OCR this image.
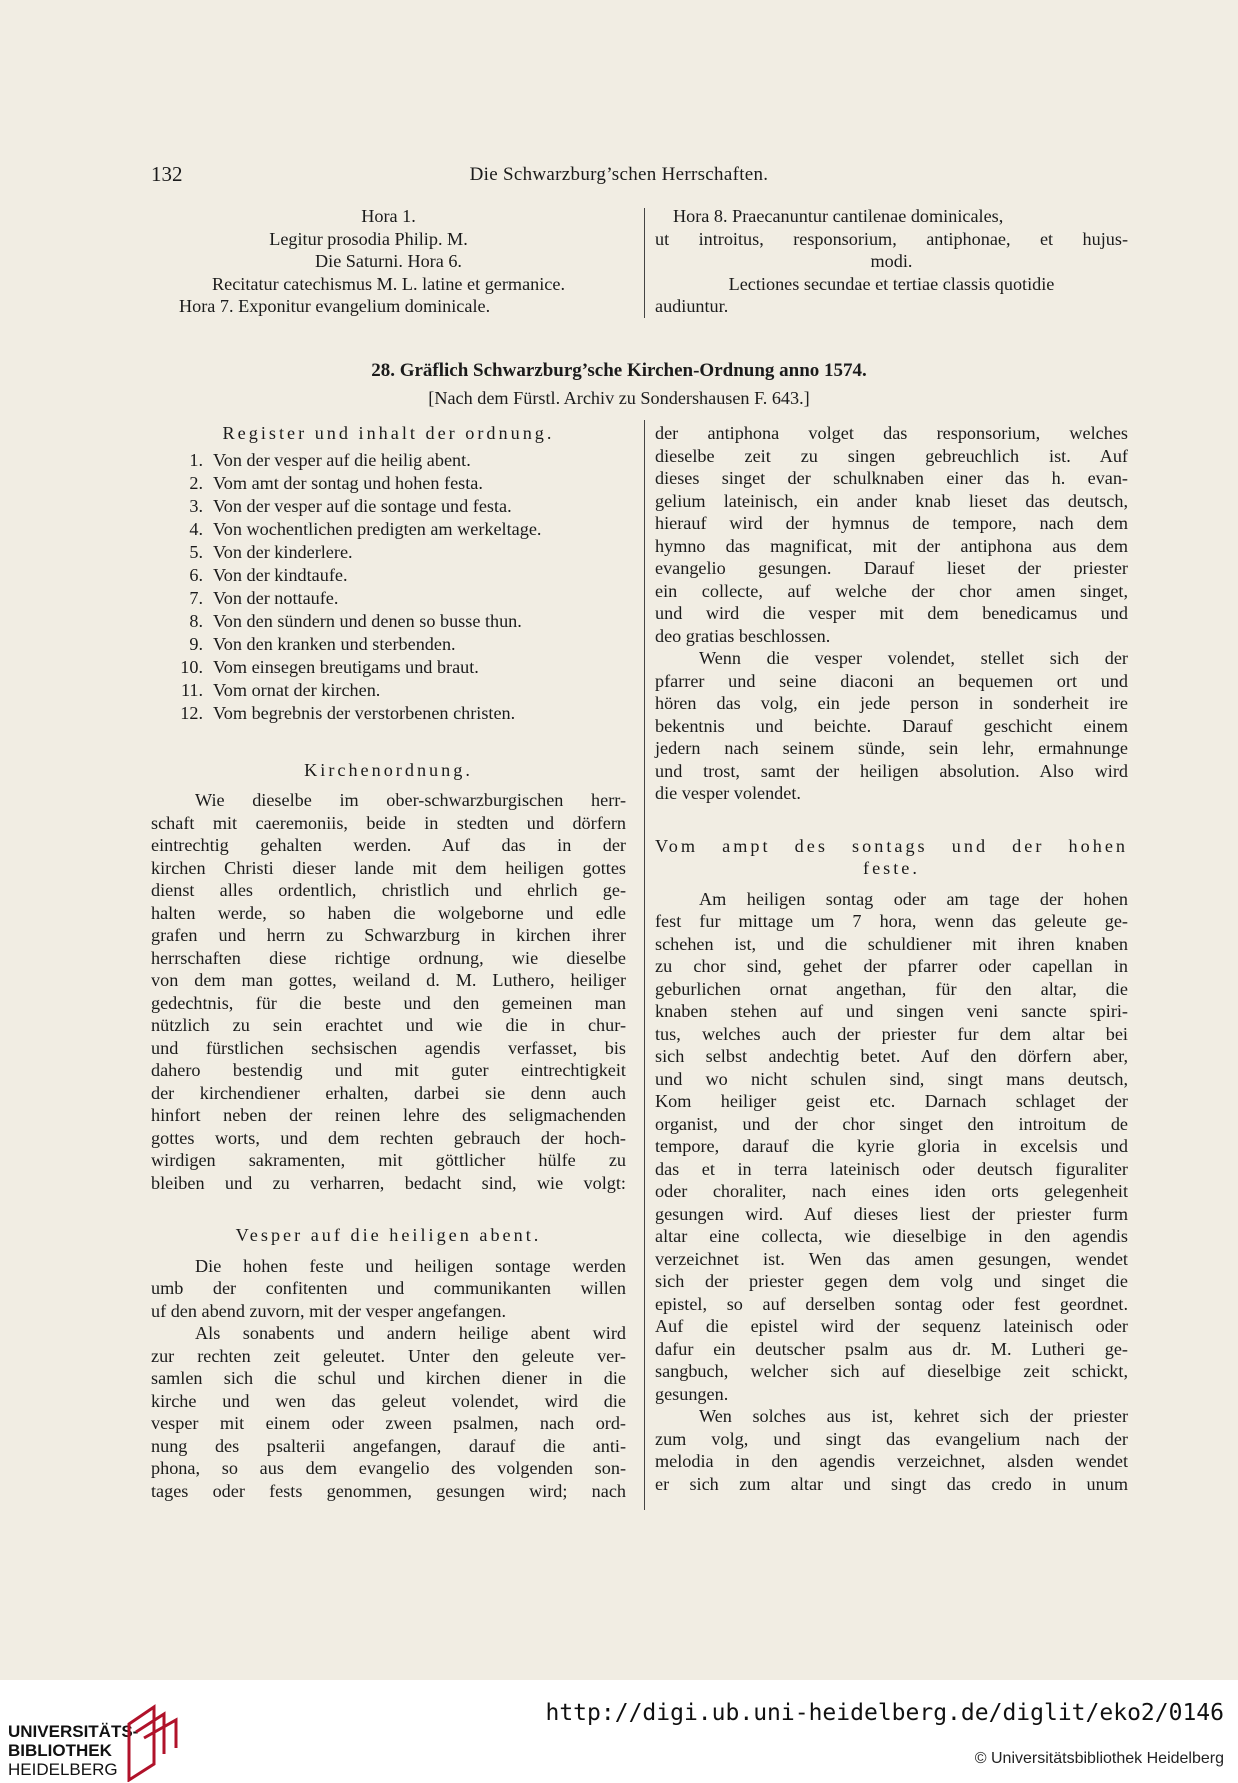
132	Die Schwarzburg’schen Herrschaften.
Hora 1.
Legitur prosodia Philip. M.
Die Saturni. Hora 6.
Recitatur catechismus M. L. latine et germanice.
Hora 7. Exponitur evangelium dominicale.
Hora 8. Praecanuntur cantilenae dominicales,
ut introitus, responsorium, antiphonae, et hujus-
modi.
Lectiones secundae et tertiae classis quotidie
audiuntur.
28. Gräflich Schwarzburg’sche Kirchen-Ordnung anno 1574.
[Nach dem Fürstl. Archiv zu Sondershausen F. 643.]
Register und inhalt der ordnung.
1. Von der vesper auf die heilig abent.
2. Vom amt der sontag und hohen festa.
3. Von der vesper auf die sontage und festa.
4. Von wochentlichen predigten am werkeltage.
5. Von der kinderlere.
6. Von der kindtaufe.
7. Von der nottaufe.
8. Von den sündern und denen so busse thun.
9. Von den kranken und sterbenden.
10. Vom einsegen breutigams und braut.
11. Vom ornat der kirchen.
12. Vom begrebnis der verstorbenen christen.
Kirchenordnung.
Wie dieselbe im ober-schwarzburgischen herr-
schaft mit caeremoniis, beide in stedten und dörfern
eintrechtig gehalten werden. Auf das in der
kirchen Christi dieser lande mit dem heiligen gottes
dienst alles ordentlich, christlich und ehrlich ge-
halten werde, so haben die wolgeborne und edle
grafen und herrn zu Schwarzburg in kirchen ihrer
herrschaften diese richtige ordnung, wie dieselbe
von dem man gottes, weiland d. M. Luthero, heiliger
gedechtnis, für die beste und den gemeinen man
nützlich zu sein erachtet und wie die in chur-
und fürstlichen sechsischen agendis verfasset, bis
dahero bestendig und mit guter eintrechtigkeit
der kirchendiener erhalten, darbei sie denn auch
hinfort neben der reinen lehre des seligmachenden
gottes worts, und dem rechten gebrauch der hoch-
wirdigen sakramenten, mit göttlicher hülfe zu
bleiben und zu verharren, bedacht sind, wie volgt:
Vesper auf die heiligen abent.
Die hohen feste und heiligen sontage werden
umb der confitenten und communikanten willen
uf den abend zuvorn, mit der vesper angefangen.
Als sonabents und andern heilige abent wird
zur rechten zeit geleutet. Unter den geleute ver-
samlen sich die schul und kirchen diener in die
kirche und wen das geleut volendet, wird die
vesper mit einem oder zween psalmen, nach ord-
nung des psalterii angefangen, darauf die anti-
phona, so aus dem evangelio des volgenden son-
tages oder fests genommen, gesungen wird; nach
der antiphona volget das responsorium, welches
dieselbe zeit zu singen gebreuchlich ist. Auf
dieses singet der schulknaben einer das h. evan-
gelium lateinisch, ein ander knab lieset das deutsch,
hierauf wird der hymnus de tempore, nach dem
hymno das magnificat, mit der antiphona aus dem
evangelio gesungen. Darauf lieset der priester
ein collecte, auf welche der chor amen singet,
und wird die vesper mit dem benedicamus und
deo gratias beschlossen.
Wenn die vesper volendet, stellet sich der
pfarrer und seine diaconi an bequemen ort und
hören das volg, ein jede person in sonderheit ire
bekentnis und beichte. Darauf geschicht einem
jedern nach seinem sünde, sein lehr, ermahnunge
und trost, samt der heiligen absolution. Also wird
die vesper volendet.
Vom ampt des sontags und der hohen
feste.
Am heiligen sontag oder am tage der hohen
fest fur mittage um 7 hora, wenn das geleute ge-
schehen ist, und die schuldiener mit ihren knaben
zu chor sind, gehet der pfarrer oder capellan in
geburlichen ornat angethan, für den altar, die
knaben stehen auf und singen veni sancte spiri-
tus, welches auch der priester fur dem altar bei
sich selbst andechtig betet. Auf den dörfern aber,
und wo nicht schulen sind, singt mans deutsch,
Kom heiliger geist etc. Darnach schlaget der
organist, und der chor singet den introitum de
tempore, darauf die kyrie gloria in excelsis und
das et in terra lateinisch oder deutsch figuraliter
oder choraliter, nach eines iden orts gelegenheit
gesungen wird. Auf dieses liest der priester furm
altar eine collecta, wie dieselbige in den agendis
verzeichnet ist. Wen das amen gesungen, wendet
sich der priester gegen dem volg und singet die
epistel, so auf derselben sontag oder fest geordnet.
Auf die epistel wird der sequenz lateinisch oder
dafur ein deutscher psalm aus dr. M. Lutheri ge-
sangbuch, welcher sich auf dieselbige zeit schickt,
gesungen.
Wen solches aus ist, kehret sich der priester
zum volg, und singt das evangelium nach der
melodia in den agendis verzeichnet, alsden wendet
er sich zum altar und singt das credo in unum
UNIVERSITÄTS-
BIBLIOTHEK
HEIDELBERG
http://digi.ub.uni-heidelberg.de/diglit/eko2/0146
© Universitätsbibliothek Heidelberg
